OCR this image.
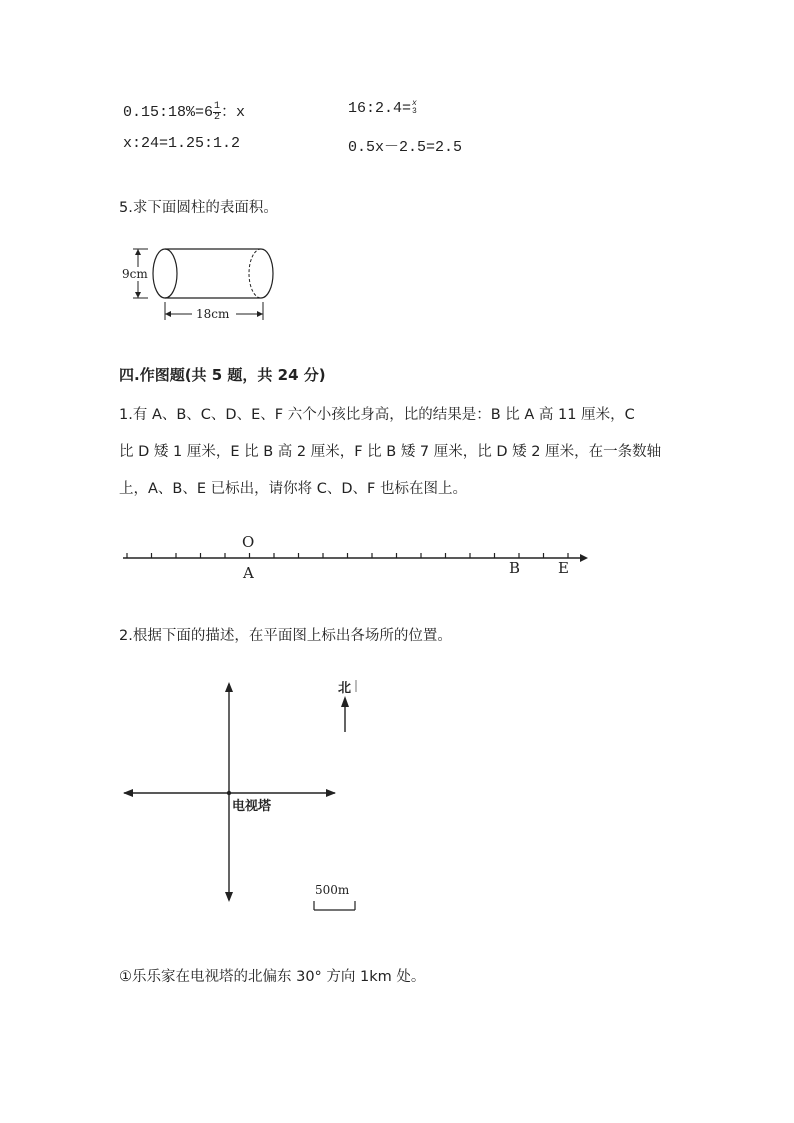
0.15:18%=6 $\frac{1}{2}$ ：x	16:2.4= x
3
x:24=1.25:1.2	0.5x－2.5=2.5
5.求下面圆柱的表面积。
9cm
18cm
四.作图题(共 5 题，共 24 分)
1.有 A、B、C、D、E、F 六个小孩比身高，比的结果是：B 比 A 高 11 厘米，C
比 D 矮 1 厘米，E 比 B 高 2 厘米，F 比 B 矮 7 厘米，比 D 矮 2 厘米，在一条数轴
上，A、B、E 已标出，请你将 C、D、F 也标在图上。
O
A	B	E
2.根据下面的描述，在平面图上标出各场所的位置。
电视塔
北
500m
①乐乐家在电视塔的北偏东 30° 方向 1km 处。
